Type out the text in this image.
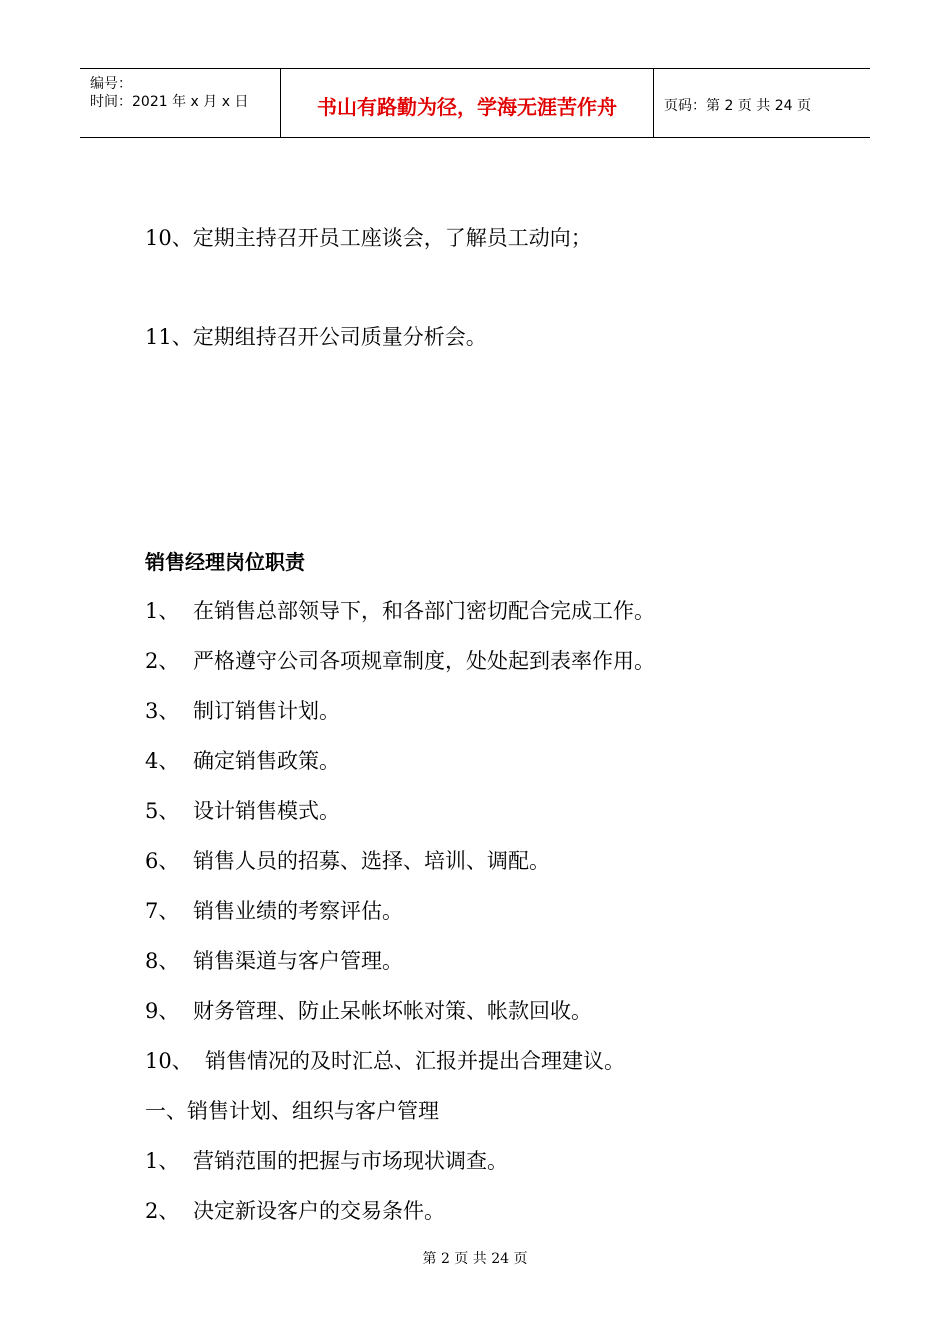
编号：
时间：2021 年 x 月 x 日	书山有路勤为径，学海无涯苦作舟	页码：第 2 页 共 24 页
10、定期主持召开员工座谈会，了解员工动向；
11、定期组持召开公司质量分析会。
销售经理岗位职责
1、 在销售总部领导下，和各部门密切配合完成工作。
2、 严格遵守公司各项规章制度，处处起到表率作用。
3、 制订销售计划。
4、 确定销售政策。
5、 设计销售模式。
6、 销售人员的招募、选择、培训、调配。
7、 销售业绩的考察评估。
8、 销售渠道与客户管理。
9、 财务管理、防止呆帐坏帐对策、帐款回收。
10、 销售情况的及时汇总、汇报并提出合理建议。
一、销售计划、组织与客户管理
1、 营销范围的把握与市场现状调查。
2、 决定新设客户的交易条件。
第 2 页 共 24 页
